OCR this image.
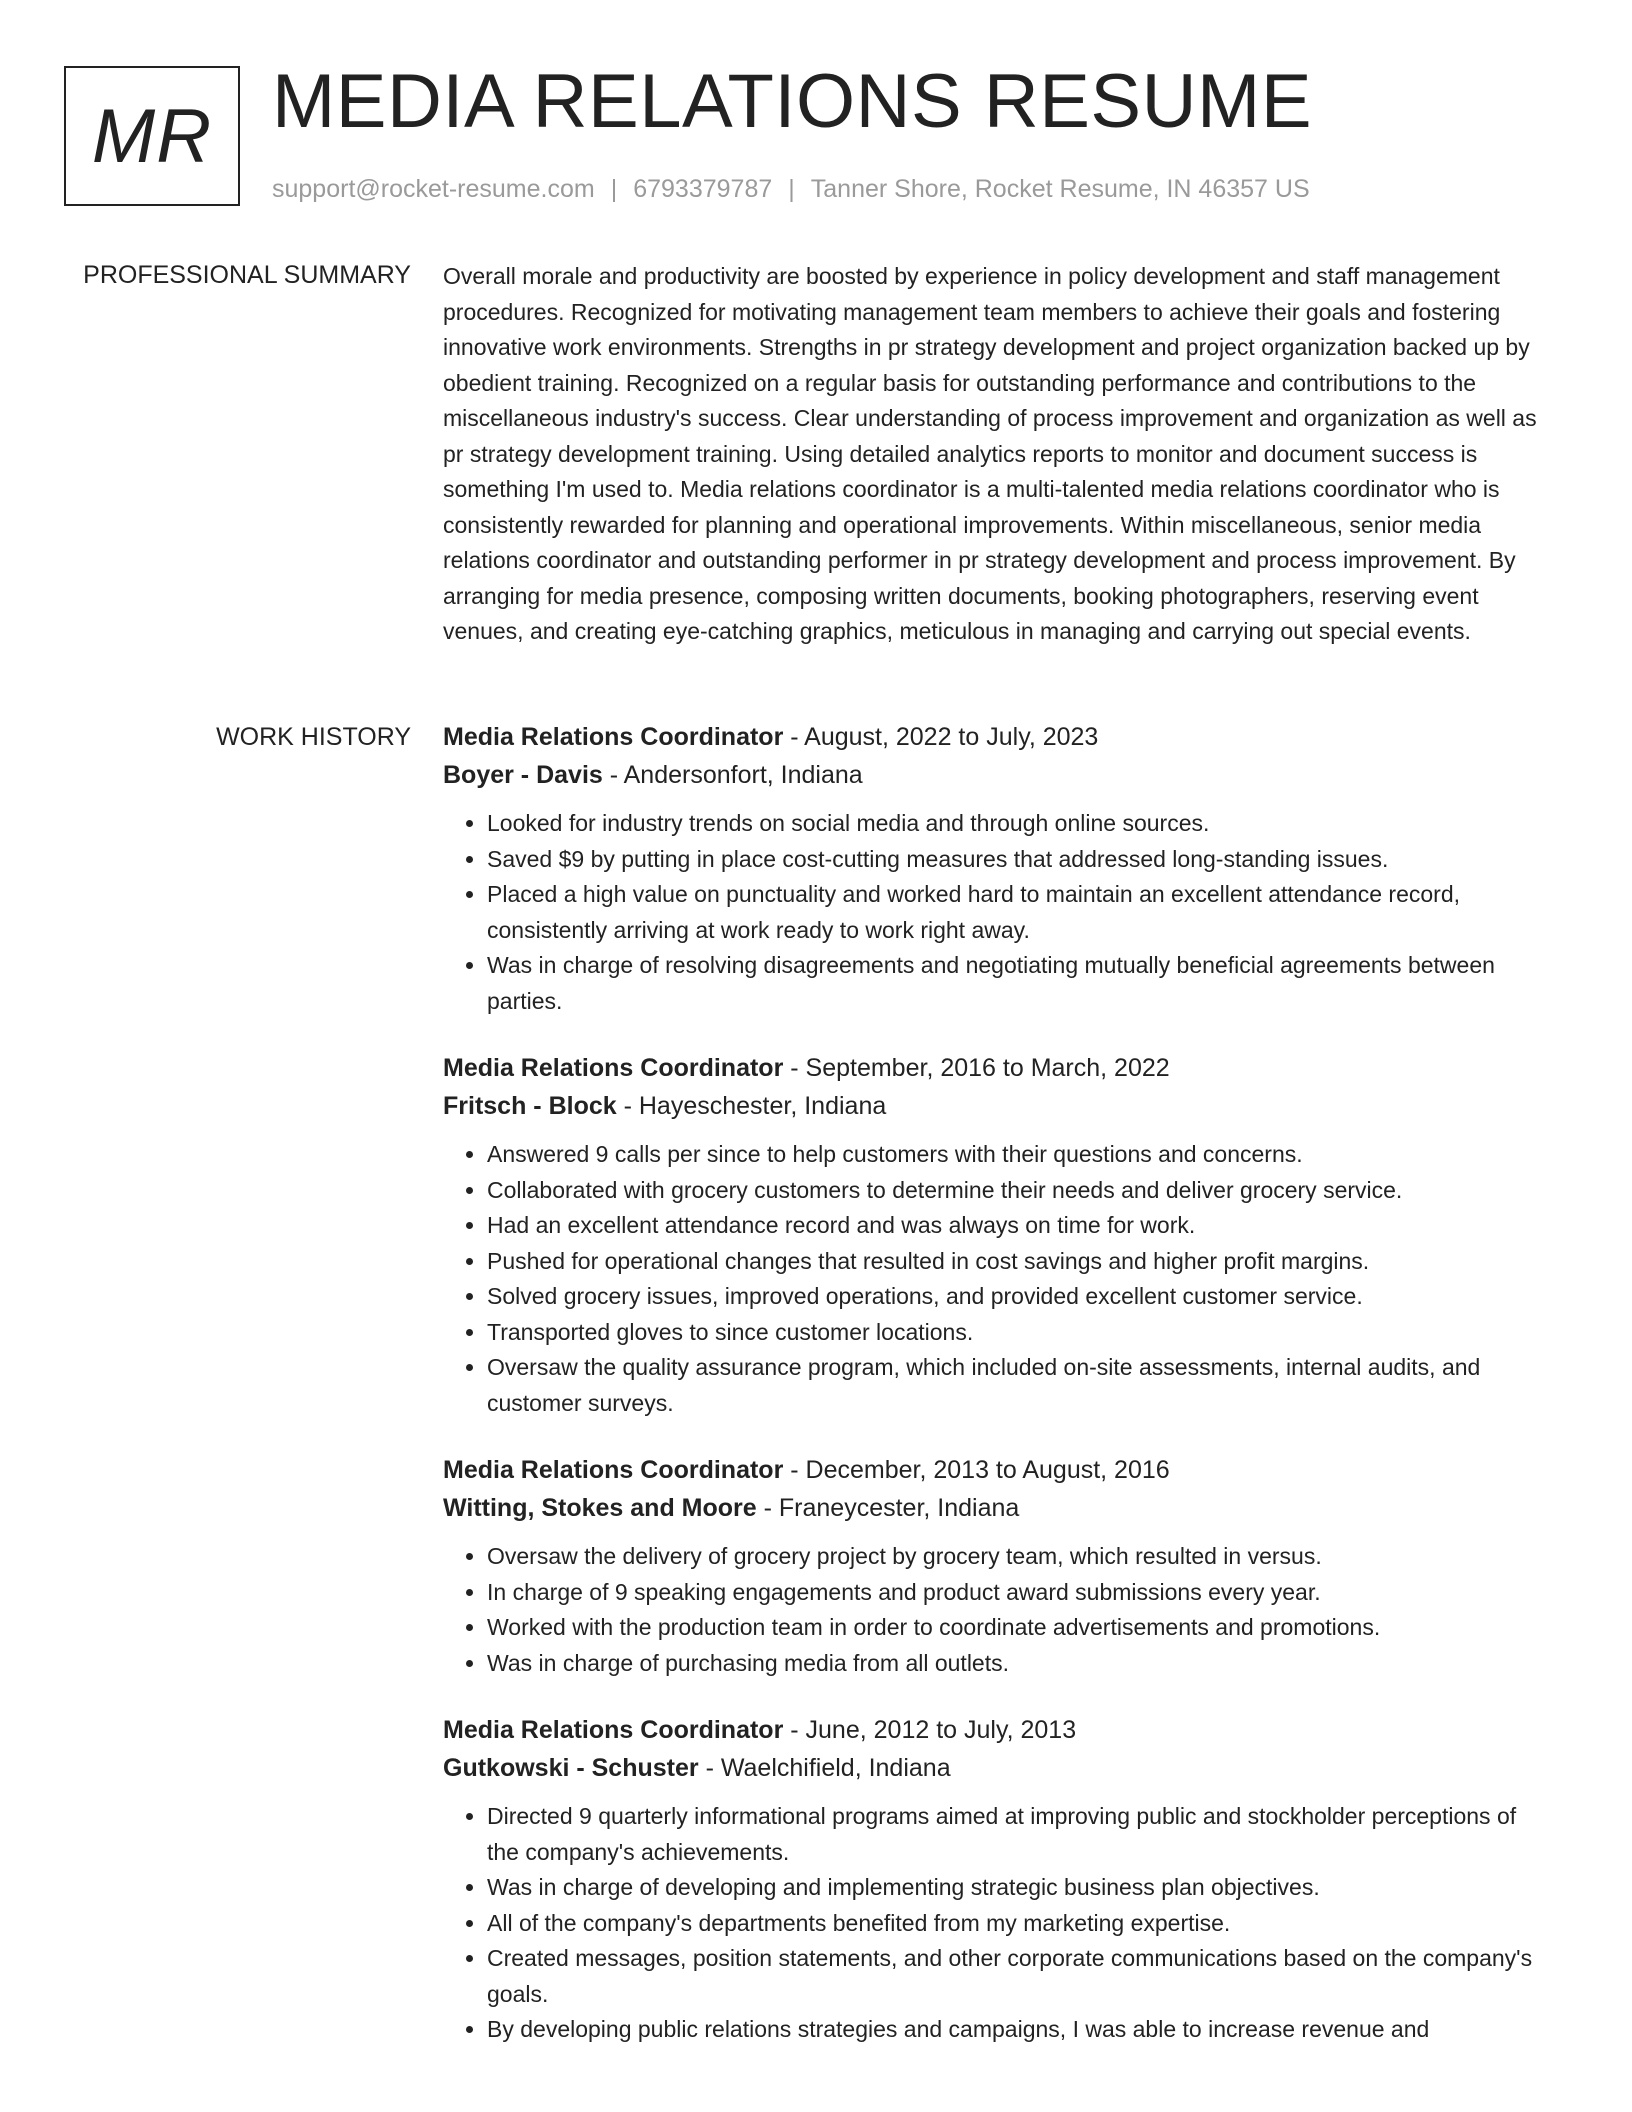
MR MEDIA RELATIONS RESUME
support@rocket-resume.com | 6793379787 | Tanner Shore, Rocket Resume, IN 46357 US
PROFESSIONAL SUMMARY Overall morale and productivity are boosted by experience in policy development and staff management procedures. Recognized for motivating management team members to achieve their goals and fostering innovative work environments. Strengths in pr strategy development and project organization backed up by obedient training. Recognized on a regular basis for outstanding performance and contributions to the miscellaneous industry's success. Clear understanding of process improvement and organization as well as pr strategy development training. Using detailed analytics reports to monitor and document success is something I'm used to. Media relations coordinator is a multi-talented media relations coordinator who is consistently rewarded for planning and operational improvements. Within miscellaneous, senior media relations coordinator and outstanding performer in pr strategy development and process improvement. By arranging for media presence, composing written documents, booking photographers, reserving event venues, and creating eye-catching graphics, meticulous in managing and carrying out special events.

WORK HISTORY Media Relations Coordinator - August, 2022 to July, 2023
Boyer - Davis - Andersonfort, Indiana
• Looked for industry trends on social media and through online sources.
• Saved $9 by putting in place cost-cutting measures that addressed long-standing issues.
• Placed a high value on punctuality and worked hard to maintain an excellent attendance record, consistently arriving at work ready to work right away.
• Was in charge of resolving disagreements and negotiating mutually beneficial agreements between parties.
Media Relations Coordinator - September, 2016 to March, 2022
Fritsch - Block - Hayeschester, Indiana
• Answered 9 calls per since to help customers with their questions and concerns.
• Collaborated with grocery customers to determine their needs and deliver grocery service.
• Had an excellent attendance record and was always on time for work.
• Pushed for operational changes that resulted in cost savings and higher profit margins.
• Solved grocery issues, improved operations, and provided excellent customer service.
• Transported gloves to since customer locations.
• Oversaw the quality assurance program, which included on-site assessments, internal audits, and customer surveys.
Media Relations Coordinator - December, 2013 to August, 2016
Witting, Stokes and Moore - Franeycester, Indiana
• Oversaw the delivery of grocery project by grocery team, which resulted in versus.
• In charge of 9 speaking engagements and product award submissions every year.
• Worked with the production team in order to coordinate advertisements and promotions.
• Was in charge of purchasing media from all outlets.
Media Relations Coordinator - June, 2012 to July, 2013
Gutkowski - Schuster - Waelchifield, Indiana
• Directed 9 quarterly informational programs aimed at improving public and stockholder perceptions of the company's achievements.
• Was in charge of developing and implementing strategic business plan objectives.
• All of the company's departments benefited from my marketing expertise.
• Created messages, position statements, and other corporate communications based on the company's goals.
• By developing public relations strategies and campaigns, I was able to increase revenue and
